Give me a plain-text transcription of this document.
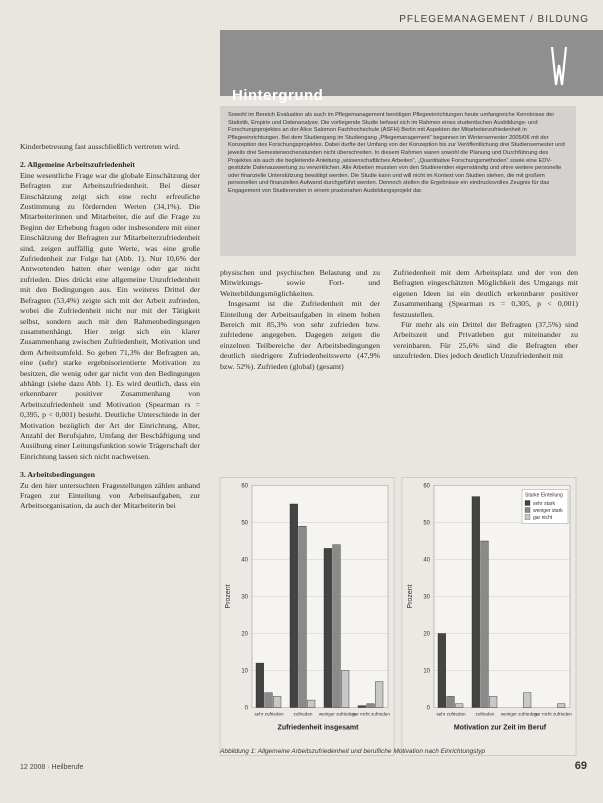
PFLEGEMANAGEMENT / BILDUNG
Hintergrund
Sowohl im Bereich Evaluation als auch im Pflegemanagement benötigen Pflegeeinrichtungen heute umfangreiche Kenntnisse der Statistik, Empirie und Datenanalyse. Die vorliegende Studie befasst sich im Rahmen eines studentischen Ausbildungs- und Forschungsprojektes an der Alice Salomon Fachhochschule (ASFH) Berlin mit Aspekten der Mitarbeiterzufriedenheit in Pflegeeinrichtungen. Bei dem Studiengang im Studiengang „Pflegemanagement“ begannen im Wintersemester 2005/06 mit der Konzeption des Forschungsprojektes. Dabei durfte der Umfang von der Konzeption bis zur Veröffentlichung drei Studiensemester und jeweils drei Semesterwochenstunden nicht überschreiten. In diesem Rahmen waren sowohl die Planung und Durchführung des Projektes als auch die begleitende Anleitung „wissenschaftliches Arbeiten“, „Quantitative Forschungsmethoden“ sowie eine EDV-gestützte Datenauswertung zu verwirklichen. Alle Arbeiten mussten von den Studierenden eigenständig und ohne weitere personelle oder finanzielle Unterstützung bewältigt werden. Die Studie kann und will nicht im Kontext von Studien stehen, die mit großem personellen und finanziellen Aufwand durchgeführt werden. Dennoch stellen die Ergebnisse ein eindrucksvolles Zeugnis für das Engagement von Studierenden in einem praxisnahen Ausbildungsprojekt dar.

Kinderbetreuung fast ausschließlich vertreten wird.

2. Allgemeine Arbeitszufriedenheit

Eine wesentliche Frage war die globale Einschätzung der Befragten zur Arbeitszufriedenheit. Bei dieser Einschätzung zeigt sich eine recht erfreuliche Zustimmung zu fördernden Werten (34,1%). Die Mitarbeiterinnen und Mitarbeiter, die auf die Frage zu Beginn der Erhebung fragen oder insbesondere mit einer Einschätzung der Befragten zur Mitarbeiterzufriedenheit sind, zeigen auffällig gute Werte, was eine große Zufriedenheit zur Folge hat (Abb. 1). Nur 10,6% der Antwortenden hatten eher wenige oder gar nicht zufrieden. Dies drückt eine allgemeine Unzufriedenheit mit den Bedingungen aus. Ein weiteres Drittel der Befragten (53,4%) zeigte sich mit der Arbeit zufrieden, wobei die Zufriedenheit nicht nur mit der Tätigkeit selbst, sondern auch mit den Rahmenbedingungen zusammenhängt. Hier zeigt sich ein klarer Zusammenhang zwischen Zufriedenheit, Motivation und dem Arbeitsumfeld. So geben 71,3% der Befragten an, eine (sehr) starke ergebnisorientierte Motivation zu besitzen, die wenig oder gar nicht von den Bedingungen abhängt (siehe dazu Abb. 1). Es wird deutlich, dass ein erkennbarer positiver Zusammenhang von Arbeitszufriedenheit und Motivation (Spearman rs = 0,395, p < 0,001) besteht. Deutliche Unterschiede in der Motivation bezüglich der Art der Einrichtung, Alter, Anzahl der Berufsjahre, Umfang der Beschäftigung und Ausübung einer Leitungsfunktion sowie Trägerschaft der Einrichtung lassen sich nicht nachweisen.

3. Arbeitsbedingungen

Zu den hier untersuchten Fragestellungen zählen anhand Fragen zur Einteilung von Arbeitsaufgaben, zur Arbeitsorganisation, da auch der Mitarbeiterin bei

physischen und psychischen Belastung und zu Mitwirkungs- sowie Fort- und Weiterbildungsmöglichkeiten.

Insgesamt ist die Zufriedenheit mit der Einteilung der Arbeitsaufgaben in einem hohen Bereich mit 85,3% von sehr zufrieden bzw. zufriedene angegeben. Dagegen zeigen die einzelnen Teilbereiche der Arbeitsbedingungen deutlich niedrigere Zufriedenheitswerte (47,9% bzw. 52%). Zufrieden (global) (gesamt)

Zufriedenheit mit dem Arbeitsplatz und der von den Befragten eingeschätzten Möglichkeit des Umgangs mit eigenen Ideen ist ein deutlich erkennbarer positiver Zusammenhang (Spearman rs = 0,305, p < 0,001) festzustellen.

Für mehr als ein Drittel der Befragten (37,5%) sind Arbeitszeit und Privatleben gut miteinander zu vereinbaren. Für 25,6% sind die Befragten eher unzufrieden. Dies jedoch deutlich Unzufriedenheit mit

0
10
20
30
40
50
60
Prozent
sehr zufrieden zufrieden weniger zufrieden
gar nicht zufrieden
Zufriedenheit insgesamt
0
10
20
30
40
50
60
Prozent
sehr zufrieden zufrieden weniger zufrieden
gar nicht zufrieden
Motivation zur Zeit im Beruf
Starke Einteilung
sehr stark
weniger stark
gar nicht
Abbildung 1: Allgemeine Arbeitszufriedenheit und berufliche Motivation nach Einrichtungstyp
12 2008 · Heilberufe	69
